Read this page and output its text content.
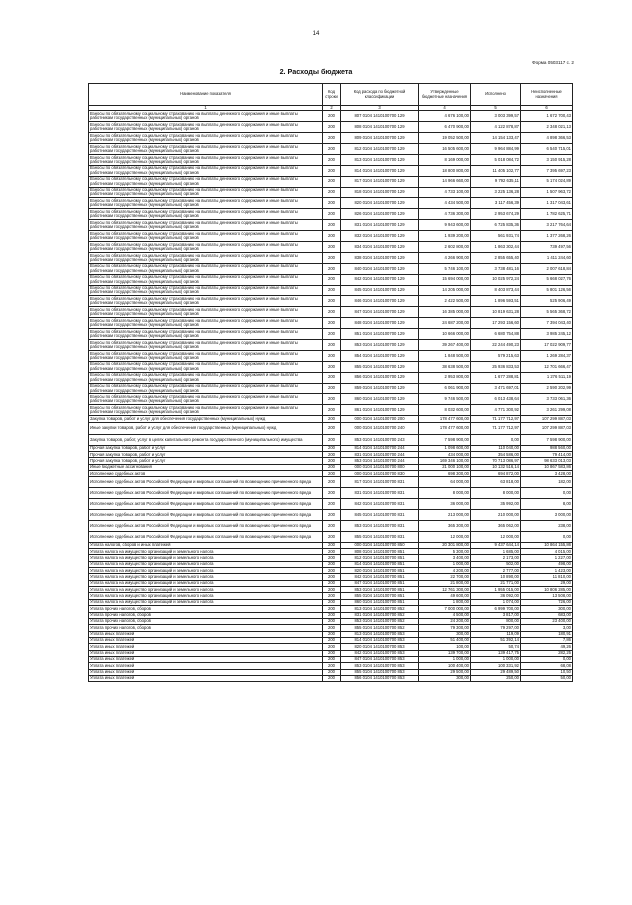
14
Форма 0503117 с. 2
2. Расходы бюджета
Наименование показателя	Код строки	Код расхода по бюджетной классификации	Утвержденные бюджетные назначения	Исполнено	Неисполненные назначения
1	2	3	4	5	6
Взносы по обязательному социальному страхованию на выплаты денежного содержания и иные выплаты работникам государственных (муниципальных) органов	200	807 0104 1410100700 129	4 676 100,00	3 003 399,57	1 672 700,43
Взносы по обязательному социальному страхованию на выплаты денежного содержания и иные выплаты работникам государственных (муниципальных) органов	200	808 0104 1410100700 129	6 470 900,00	4 122 878,87	2 348 021,13
Взносы по обязательному социальному страхованию на выплаты денежного содержания и иные выплаты работникам государственных (муниципальных) органов	200	809 0104 1410100700 129	19 052 500,00	14 154 133,47	4 898 366,53
Взносы по обязательному социальному страхованию на выплаты денежного содержания и иные выплаты работникам государственных (муниципальных) органов	200	812 0104 1410100700 129	16 505 600,00	9 964 884,99	6 540 715,01
Взносы по обязательному социальному страхованию на выплаты денежного содержания и иные выплаты работникам государственных (муниципальных) органов	200	813 0104 1410100700 129	8 169 000,00	5 018 084,72	3 150 915,28
Взносы по обязательному социальному страхованию на выплаты денежного содержания и иные выплаты работникам государственных (муниципальных) органов	200	814 0104 1410100700 129	18 800 800,00	11 405 102,77	7 395 697,23
Взносы по обязательному социальному страхованию на выплаты денежного содержания и иные выплаты работникам государственных (муниципальных) органов	200	817 0104 1410100700 129	14 966 660,00	9 792 635,11	5 174 024,89
Взносы по обязательному социальному страхованию на выплаты денежного содержания и иные выплаты работникам государственных (муниципальных) органов	200	818 0104 1410100700 129	4 733 100,00	3 225 136,28	1 507 963,72
Взносы по обязательному социальному страхованию на выплаты денежного содержания и иные выплаты работникам государственных (муниципальных) органов	200	820 0104 1410100700 129	4 434 500,00	3 117 456,39	1 317 043,61
Взносы по обязательному социальному страхованию на выплаты денежного содержания и иные выплаты работникам государственных (муниципальных) органов	200	826 0104 1410100700 129	4 736 300,00	2 953 674,29	1 782 625,71
Взносы по обязательному социальному страхованию на выплаты денежного содержания и иные выплаты работникам государственных (муниципальных) органов	200	831 0104 1410100700 129	9 943 600,00	6 725 835,36	3 217 764,64
Взносы по обязательному социальному страхованию на выплаты денежного содержания и иные выплаты работникам государственных (муниципальных) органов	200	832 0104 1410100700 129	1 939 200,00	561 931,74	1 377 268,26
Взносы по обязательному социальному страхованию на выплаты денежного содержания и иные выплаты работникам государственных (муниципальных) органов	200	834 0104 1410100700 129	2 602 800,00	1 863 302,44	739 497,56
Взносы по обязательному социальному страхованию на выплаты денежного содержания и иные выплаты работникам государственных (муниципальных) органов	200	838 0104 1410100700 129	4 266 900,00	2 855 655,40	1 411 244,60
Взносы по обязательному социальному страхованию на выплаты денежного содержания и иные выплаты работникам государственных (муниципальных) органов	200	840 0104 1410100700 129	5 746 100,00	3 738 481,16	2 007 618,84
Взносы по обязательному социальному страхованию на выплаты денежного содержания и иные выплаты работникам государственных (муниципальных) органов	200	842 0104 1410100700 129	15 694 000,00	10 025 972,24	5 668 027,76
Взносы по обязательному социальному страхованию на выплаты денежного содержания и иные выплаты работникам государственных (муниципальных) органов	200	845 0104 1410100700 129	14 205 000,00	8 403 873,44	5 801 126,56
Взносы по обязательному социальному страхованию на выплаты денежного содержания и иные выплаты работникам государственных (муниципальных) органов	200	846 0104 1410100700 129	2 422 500,00	1 896 593,51	525 906,49
Взносы по обязательному социальному страхованию на выплаты денежного содержания и иные выплаты работникам государственных (муниципальных) органов	200	847 0104 1410100700 129	16 385 000,00	10 819 631,28	5 565 368,72
Взносы по обязательному социальному страхованию на выплаты денежного содержания и иные выплаты работникам государственных (муниципальных) органов	200	848 0104 1410100700 129	24 687 200,00	17 293 156,60	7 394 043,40
Взносы по обязательному социальному страхованию на выплаты денежного содержания и иные выплаты работникам государственных (муниципальных) органов	200	851 0104 1410100700 129	10 666 000,00	6 680 754,88	3 985 245,12
Взносы по обязательному социальному страхованию на выплаты денежного содержания и иные выплаты работникам государственных (муниципальных) органов	200	853 0104 1410100700 129	39 267 400,00	22 244 490,23	17 022 909,77
Взносы по обязательному социальному страхованию на выплаты денежного содержания и иные выплаты работникам государственных (муниципальных) органов	200	854 0104 1410100700 129	1 848 500,00	579 215,63	1 269 284,37
Взносы по обязательному социальному страхованию на выплаты денежного содержания и иные выплаты работникам государственных (муниципальных) органов	200	855 0104 1410100700 129	38 638 500,00	25 936 833,53	12 701 666,47
Взносы по обязательному социальному страхованию на выплаты денежного содержания и иные выплаты работникам государственных (муниципальных) органов	200	856 0104 1410100700 129	2 953 800,00	1 677 288,81	1 276 511,19
Взносы по обязательному социальному страхованию на выплаты денежного содержания и иные выплаты работникам государственных (муниципальных) органов	200	859 0104 1410100700 129	6 061 900,00	3 471 697,01	2 590 202,99
Взносы по обязательному социальному страхованию на выплаты денежного содержания и иные выплаты работникам государственных (муниципальных) органов	200	860 0104 1410100700 129	9 746 500,00	6 013 438,64	3 733 061,36
Взносы по обязательному социальному страхованию на выплаты денежного содержания и иные выплаты работникам государственных (муниципальных) органов	200	861 0104 1410100700 129	8 032 600,00	4 771 300,92	3 261 299,08
Закупка товаров, работ и услуг для обеспечения государственных (муниципальных) нужд	200	000 0104 1410100700 200	178 477 600,00	71 177 712,97	107 299 887,03
Иные закупки товаров, работ и услуг для обеспечения государственных (муниципальных) нужд	200	000 0104 1410100700 240	178 477 600,00	71 177 712,97	107 299 887,03
Закупка товаров, работ, услуг в целях капитального ремонта государственного (муниципального) имущества	200	853 0104 1410100700 243	7 598 900,00	0,00	7 598 900,00
Прочая закупка товаров, работ и услуг	200	814 0104 1410100700 244	1 098 600,00	110 040,00	988 560,00
Прочая закупка товаров, работ и услуг	200	831 0104 1410100700 244	434 000,00	354 586,00	79 414,00
Прочая закупка товаров, работ и услуг	200	853 0104 1410100700 244	169 346 100,00	70 713 086,97	98 633 013,03
Иные бюджетные ассигнования	200	000 0104 1410100700 800	21 000 100,00	10 132 516,14	10 867 583,86
Исполнение судебных актов	200	000 0104 1410100700 830	698 300,00	694 872,00	3 428,00
Исполнение судебных актов Российской Федерации и мировых соглашений по возмещению причиненного вреда	200	817 0104 1410100700 831	64 000,00	63 818,00	182,00
Исполнение судебных актов Российской Федерации и мировых соглашений по возмещению причиненного вреда	200	831 0104 1410100700 831	8 000,00	8 000,00	0,00
Исполнение судебных актов Российской Федерации и мировых соглашений по возмещению причиненного вреда	200	842 0104 1410100700 831	36 000,00	35 992,00	8,00
Исполнение судебных актов Российской Федерации и мировых соглашений по возмещению причиненного вреда	200	845 0104 1410100700 831	213 000,00	210 000,00	3 000,00
Исполнение судебных актов Российской Федерации и мировых соглашений по возмещению причиненного вреда	200	853 0104 1410100700 831	365 300,00	365 062,00	238,00
Исполнение судебных актов Российской Федерации и мировых соглашений по возмещению причиненного вреда	200	855 0104 1410100700 831	12 000,00	12 000,00	0,00
Уплата налогов, сборов и иных платежей	200	000 0104 1410100700 850	20 301 800,00	9 437 644,14	10 864 155,86
Уплата налога на имущество организаций и земельного налога	200	808 0104 1410100700 851	5 300,00	1 685,00	4 015,00
Уплата налога на имущество организаций и земельного налога	200	812 0104 1410100700 851	3 400,00	2 173,00	1 227,00
Уплата налога на имущество организаций и земельного налога	200	814 0104 1410100700 851	1 000,00	502,00	498,00
Уплата налога на имущество организаций и земельного налога	200	820 0104 1410100700 851	4 200,00	2 777,00	1 423,00
Уплата налога на имущество организаций и земельного налога	200	842 0104 1410100700 851	22 700,00	10 890,00	11 810,00
Уплата налога на имущество организаций и земельного налога	200	847 0104 1410100700 851	21 800,00	21 771,00	29,00
Уплата налога на имущество организаций и земельного налога	200	853 0104 1410100700 851	12 761 300,00	1 955 015,00	10 806 285,00
Уплата налога на имущество организаций и земельного налога	200	855 0104 1410100700 851	49 600,00	36 092,00	13 508,00
Уплата налога на имущество организаций и земельного налога	200	860 0104 1410100700 851	1 800,00	1 074,00	726,00
Уплата прочих налогов, сборов	200	813 0104 1410100700 852	7 000 000,00	6 999 700,00	300,00
Уплата прочих налогов, сборов	200	831 0104 1410100700 852	4 500,00	3 817,00	683,00
Уплата прочих налогов, сборов	200	853 0104 1410100700 852	24 200,00	800,00	23 400,00
Уплата прочих налогов, сборов	200	855 0104 1410100700 852	79 300,00	79 297,00	3,00
Уплата иных платежей	200	813 0104 1410100700 853	300,00	119,09	180,91
Уплата иных платежей	200	814 0104 1410100700 853	51 400,00	51 392,14	7,86
Уплата иных платежей	200	820 0104 1410100700 853	100,00	50,74	49,26
Уплата иных платежей	200	842 0104 1410100700 853	139 700,00	139 417,75	282,25
Уплата иных платежей	200	847 0104 1410100700 853	1 000,00	1 000,00	0,00
Уплата иных платежей	200	853 0104 1410100700 853	100 400,00	100 331,92	68,08
Уплата иных платежей	200	855 0104 1410100700 853	29 500,00	29 489,50	10,50
Уплата иных платежей	200	856 0104 1410100700 853	300,00	250,00	50,00
